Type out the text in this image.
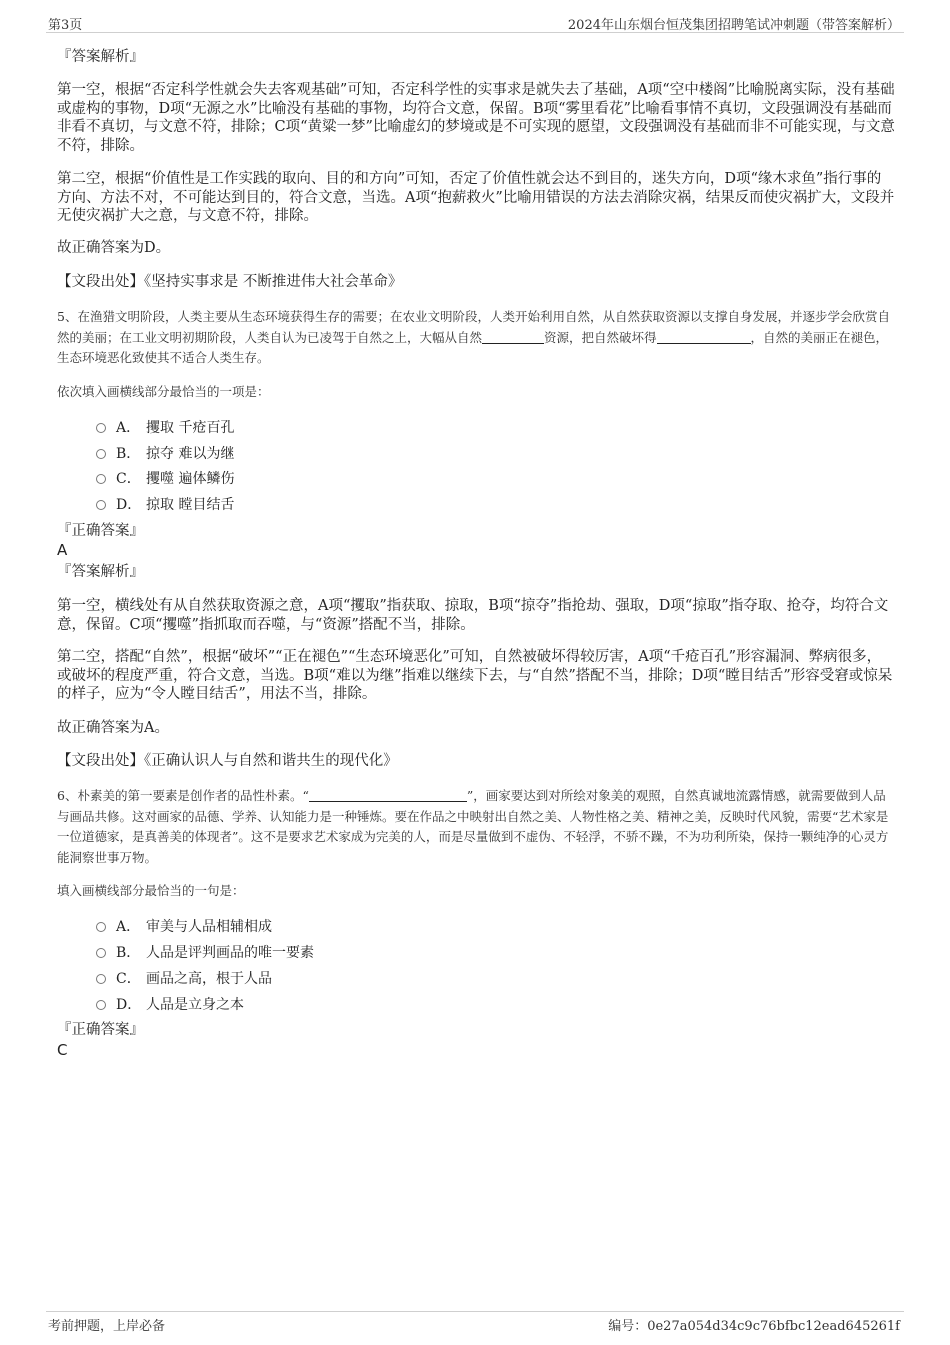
第3页	2024年山东烟台恒茂集团招聘笔试冲刺题（带答案解析）
『答案解析』

第一空，根据“否定科学性就会失去客观基础”可知，否定科学性的实事求是就失去了基础，A项“空中楼阁”比喻脱离实际，没有基础或虚构的事物，D项“无源之水”比喻没有基础的事物，均符合文意，保留。B项“雾里看花”比喻看事情不真切，文段强调没有基础而非看不真切，与文意不符，排除；C项“黄粱一梦”比喻虚幻的梦境或是不可实现的愿望，文段强调没有基础而非不可能实现，与文意不符，排除。

第二空，根据“价值性是工作实践的取向、目的和方向”可知，否定了价值性就会达不到目的，迷失方向，D项“缘木求鱼”指行事的方向、方法不对，不可能达到目的，符合文意，当选。A项“抱薪救火”比喻用错误的方法去消除灾祸，结果反而使灾祸扩大，文段并无使灾祸扩大之意，与文意不符，排除。

故正确答案为D。
【文段出处】《坚持实事求是 不断推进伟大社会革命》

5、在渔猎文明阶段，人类主要从生态环境获得生存的需要；在农业文明阶段，人类开始利用自然，从自然获取资源以支撑自身发展，并逐步学会欣赏自然的美丽；在工业文明初期阶段，人类自认为已凌驾于自然之上，大幅从自然	资源，把自然破坏得	，自然的美丽正在褪色，生态环境恶化致使其不适合人类生存。

依次填入画横线部分最恰当的一项是：
A． 攫取 千疮百孔
B． 掠夺 难以为继
C． 攫噬 遍体鳞伤
D． 掠取 瞠目结舌
『正确答案』
A
『答案解析』

第一空，横线处有从自然获取资源之意，A项“攫取”指获取、掠取，B项“掠夺”指抢劫、强取，D项“掠取”指夺取、抢夺，均符合文意，保留。C项“攫噬”指抓取而吞噬，与“资源”搭配不当，排除。

第二空，搭配“自然”，根据“破坏”“正在褪色”“生态环境恶化”可知，自然被破坏得较厉害，A项“千疮百孔”形容漏洞、弊病很多，或破坏的程度严重，符合文意，当选。B项“难以为继”指难以继续下去，与“自然”搭配不当，排除；D项“瞠目结舌”形容受窘或惊呆的样子，应为“令人瞠目结舌”，用法不当，排除。

故正确答案为A。
【文段出处】《正确认识人与自然和谐共生的现代化》

6、朴素美的第一要素是创作者的品性朴素。“	”，画家要达到对所绘对象美的观照，自然真诚地流露情感，就需要做到人品与画品共修。这对画家的品德、学养、认知能力是一种锤炼。要在作品之中映射出自然之美、人物性格之美、精神之美，反映时代风貌，需要“艺术家是一位道德家，是真善美的体现者”。这不是要求艺术家成为完美的人，而是尽量做到不虚伪、不轻浮，不骄不躁，不为功利所染，保持一颗纯净的心灵方能洞察世事万物。

填入画横线部分最恰当的一句是：
A． 审美与人品相辅相成
B． 人品是评判画品的唯一要素
C． 画品之高，根于人品
D． 人品是立身之本
『正确答案』
C
考前押题，上岸必备	编号：0e27a054d34c9c76bfbc12ead645261f
